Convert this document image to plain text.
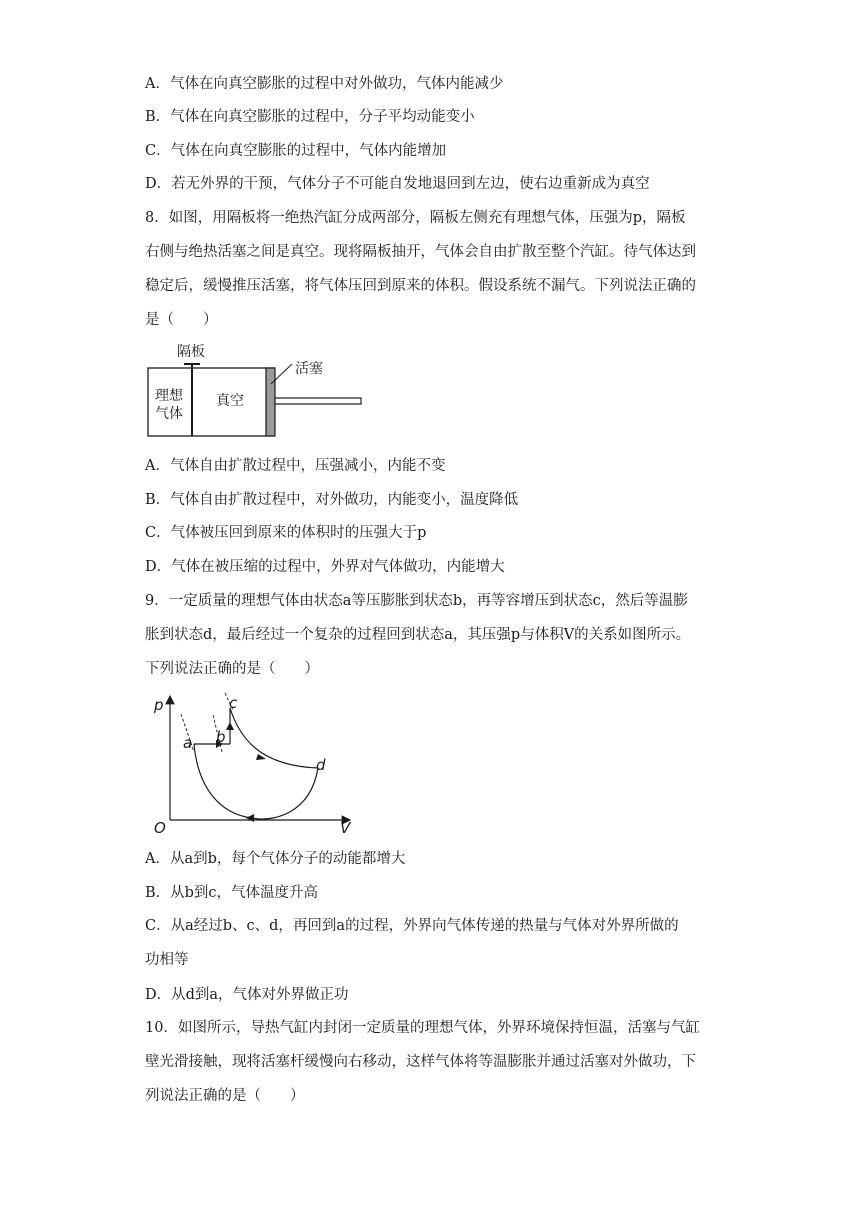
A．气体在向真空膨胀的过程中对外做功，气体内能减少
B．气体在向真空膨胀的过程中，分子平均动能变小
C．气体在向真空膨胀的过程中，气体内能增加
D．若无外界的干预，气体分子不可能自发地退回到左边，使右边重新成为真空
8．如图，用隔板将一绝热汽缸分成两部分，隔板左侧充有理想气体，压强为p，隔板
右侧与绝热活塞之间是真空。现将隔板抽开，气体会自由扩散至整个汽缸。待气体达到
稳定后，缓慢推压活塞，将气体压回到原来的体积。假设系统不漏气。下列说法正确的
是（　　）
隔板
活塞
理想
气体
真空
A．气体自由扩散过程中，压强减小，内能不变
B．气体自由扩散过程中，对外做功，内能变小，温度降低
C．气体被压回到原来的体积时的压强大于p
D．气体在被压缩的过程中，外界对气体做功，内能增大
9．一定质量的理想气体由状态a等压膨胀到状态b，再等容增压到状态c，然后等温膨
胀到状态d，最后经过一个复杂的过程回到状态a，其压强p与体积V的关系如图所示。
下列说法正确的是（　　）
p
V
O
a b
c
d
A．从a到b，每个气体分子的动能都增大
B．从b到c，气体温度升高
C．从a经过b、c、d，再回到a的过程，外界向气体传递的热量与气体对外界所做的
功相等
D．从d到a，气体对外界做正功
10．如图所示，导热气缸内封闭一定质量的理想气体，外界环境保持恒温，活塞与气缸
壁光滑接触，现将活塞杆缓慢向右移动，这样气体将等温膨胀并通过活塞对外做功，下
列说法正确的是（　　）
